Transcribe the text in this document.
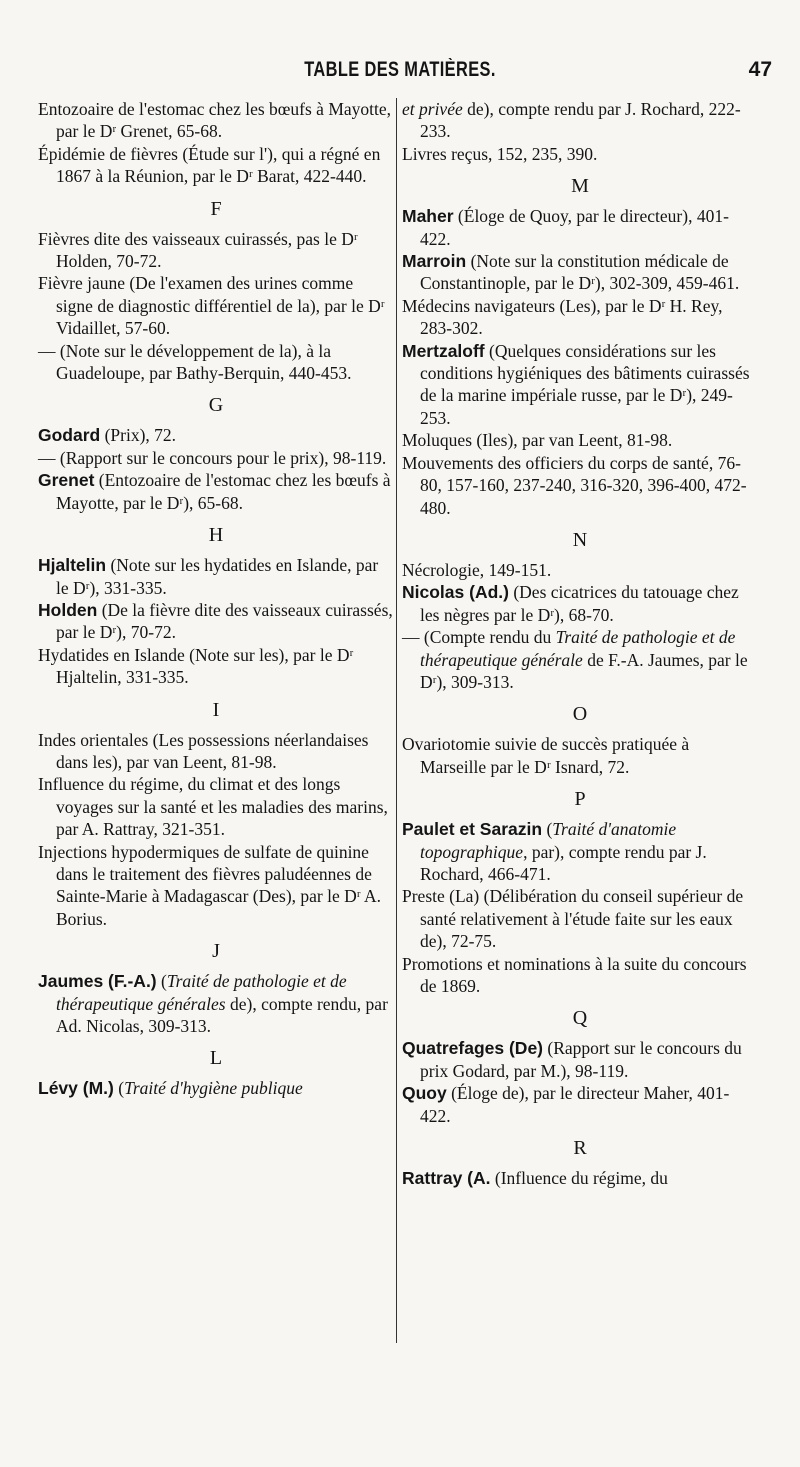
TABLE DES MATIÈRES.	47

Entozoaire de l'estomac chez les bœufs à Mayotte, par le Dʳ Grenet, 65-68.

Épidémie de fièvres (Étude sur l'), qui a régné en 1867 à la Réunion, par le Dʳ Barat, 422-440.

F

Fièvres dite des vaisseaux cuirassés, pas le Dʳ Holden, 70-72.

Fièvre jaune (De l'examen des urines comme signe de diagnostic différentiel de la), par le Dʳ Vidaillet, 57-60.

— (Note sur le développement de la), à la Guadeloupe, par Bathy-Berquin, 440-453.

G

Godard (Prix), 72.

— (Rapport sur le concours pour le prix), 98-119.

Grenet (Entozoaire de l'estomac chez les bœufs à Mayotte, par le Dʳ), 65-68.

H

Hjaltelin (Note sur les hydatides en Islande, par le Dʳ), 331-335.

Holden (De la fièvre dite des vaisseaux cuirassés, par le Dʳ), 70-72.

Hydatides en Islande (Note sur les), par le Dʳ Hjaltelin, 331-335.

I

Indes orientales (Les possessions néerlandaises dans les), par van Leent, 81-98.

Influence du régime, du climat et des longs voyages sur la santé et les maladies des marins, par A. Rattray, 321-351.

Injections hypodermiques de sulfate de quinine dans le traitement des fièvres paludéennes de Sainte-Marie à Madagascar (Des), par le Dʳ A. Borius.

J

Jaumes (F.-A.) (Traité de pathologie et de thérapeutique générales de), compte rendu, par Ad. Nicolas, 309-313.

L

Lévy (M.) (Traité d'hygiène publique

et privée de), compte rendu par J. Rochard, 222-233.

Livres reçus, 152, 235, 390.

M

Maher (Éloge de Quoy, par le directeur), 401-422.

Marroin (Note sur la constitution médicale de Constantinople, par le Dʳ), 302-309, 459-461.

Médecins navigateurs (Les), par le Dʳ H. Rey, 283-302.

Mertzaloff (Quelques considérations sur les conditions hygiéniques des bâtiments cuirassés de la marine impériale russe, par le Dʳ), 249-253.

Moluques (Iles), par van Leent, 81-98.

Mouvements des officiers du corps de santé, 76-80, 157-160, 237-240, 316-320, 396-400, 472-480.

N

Nécrologie, 149-151.

Nicolas (Ad.) (Des cicatrices du tatouage chez les nègres par le Dʳ), 68-70.

— (Compte rendu du Traité de pathologie et de thérapeutique générale de F.-A. Jaumes, par le Dʳ), 309-313.

O

Ovariotomie suivie de succès pratiquée à Marseille par le Dʳ Isnard, 72.

P

Paulet et Sarazin (Traité d'anatomie topographique, par), compte rendu par J. Rochard, 466-471.

Preste (La) (Délibération du conseil supérieur de santé relativement à l'étude faite sur les eaux de), 72-75.

Promotions et nominations à la suite du concours de 1869.

Q

Quatrefages (De) (Rapport sur le concours du prix Godard, par M.), 98-119.

Quoy (Éloge de), par le directeur Maher, 401-422.

R

Rattray (A. (Influence du régime, du
